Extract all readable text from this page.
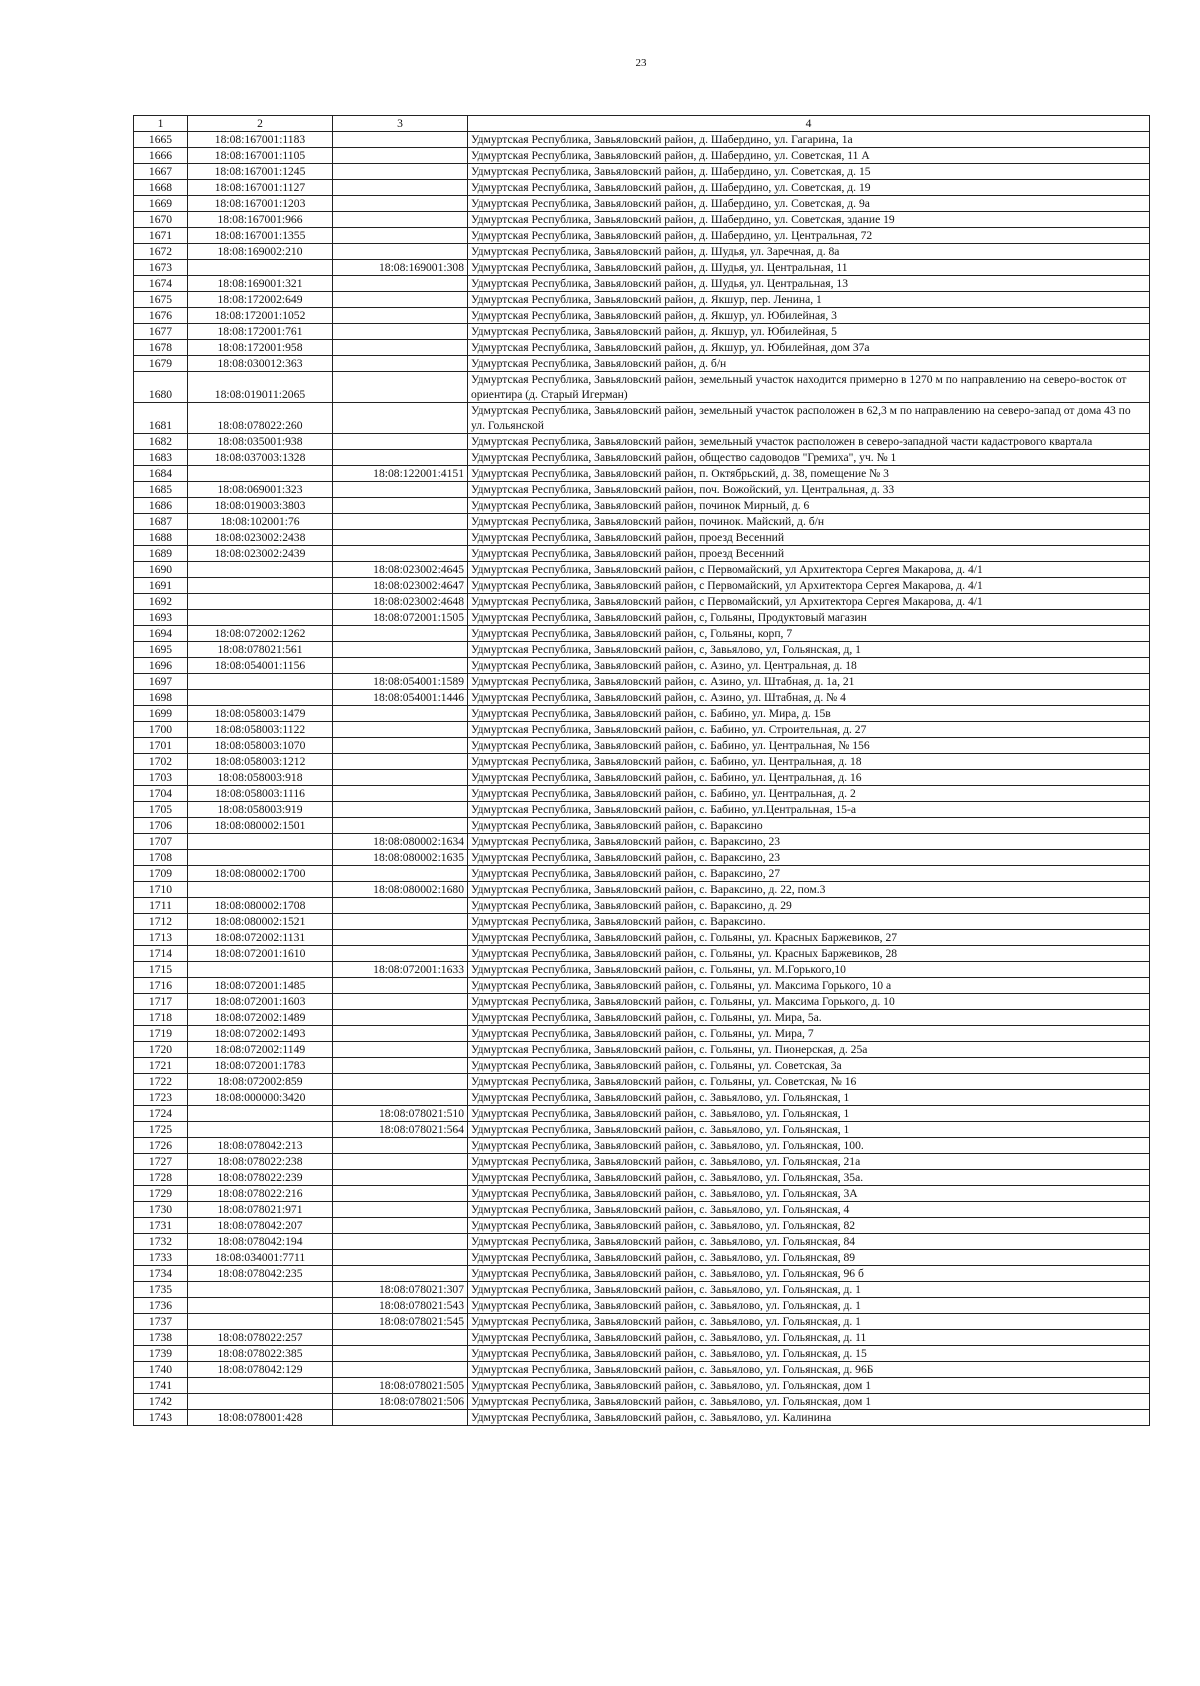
23
1	2	3	4
1665	18:08:167001:1183		Удмуртская Республика, Завьяловский район, д. Шабердино, ул. Гагарина, 1а
1666	18:08:167001:1105		Удмуртская Республика, Завьяловский район, д. Шабердино, ул. Советская, 11 А
1667	18:08:167001:1245		Удмуртская Республика, Завьяловский район, д. Шабердино, ул. Советская, д. 15
1668	18:08:167001:1127		Удмуртская Республика, Завьяловский район, д. Шабердино, ул. Советская, д. 19
1669	18:08:167001:1203		Удмуртская Республика, Завьяловский район, д. Шабердино, ул. Советская, д. 9а
1670	18:08:167001:966		Удмуртская Республика, Завьяловский район, д. Шабердино, ул. Советская, здание 19
1671	18:08:167001:1355		Удмуртская Республика, Завьяловский район, д. Шабердино, ул. Центральная, 72
1672	18:08:169002:210		Удмуртская Республика, Завьяловский район, д. Шудья, ул. Заречная, д. 8а
1673		18:08:169001:308	Удмуртская Республика, Завьяловский район, д. Шудья, ул. Центральная, 11
1674	18:08:169001:321		Удмуртская Республика, Завьяловский район, д. Шудья, ул. Центральная, 13
1675	18:08:172002:649		Удмуртская Республика, Завьяловский район, д. Якшур, пер. Ленина, 1
1676	18:08:172001:1052		Удмуртская Республика, Завьяловский район, д. Якшур, ул. Юбилейная, 3
1677	18:08:172001:761		Удмуртская Республика, Завьяловский район, д. Якшур, ул. Юбилейная, 5
1678	18:08:172001:958		Удмуртская Республика, Завьяловский район, д. Якшур, ул. Юбилейная, дом 37а
1679	18:08:030012:363		Удмуртская Республика, Завьяловский район, д. б/н
1680	18:08:019011:2065		Удмуртская Республика, Завьяловский район, земельный участок находится примерно в 1270 м по направлению на северо-восток от ориентира (д. Старый Игерман)
1681	18:08:078022:260		Удмуртская Республика, Завьяловский район, земельный участок расположен в 62,3 м по направлению на северо-запад от дома 43 по ул. Гольянской
1682	18:08:035001:938		Удмуртская Республика, Завьяловский район, земельный участок расположен в северо-западной части кадастрового квартала
1683	18:08:037003:1328		Удмуртская Республика, Завьяловский район, общество садоводов "Гремиха", уч. № 1
1684		18:08:122001:4151	Удмуртская Республика, Завьяловский район, п. Октябрьский, д. 38, помещение № 3
1685	18:08:069001:323		Удмуртская Республика, Завьяловский район, поч. Вожойский, ул. Центральная, д. 33
1686	18:08:019003:3803		Удмуртская Республика, Завьяловский район, починок Мирный, д. 6
1687	18:08:102001:76		Удмуртская Республика, Завьяловский район, починок. Майский, д. б/н
1688	18:08:023002:2438		Удмуртская Республика, Завьяловский район, проезд Весенний
1689	18:08:023002:2439		Удмуртская Республика, Завьяловский район, проезд Весенний
1690		18:08:023002:4645	Удмуртская Республика, Завьяловский район, с Первомайский, ул Архитектора Сергея Макарова, д. 4/1
1691		18:08:023002:4647	Удмуртская Республика, Завьяловский район, с Первомайский, ул Архитектора Сергея Макарова, д. 4/1
1692		18:08:023002:4648	Удмуртская Республика, Завьяловский район, с Первомайский, ул Архитектора Сергея Макарова, д. 4/1
1693		18:08:072001:1505	Удмуртская Республика, Завьяловский район, с, Гольяны, Продуктовый магазин
1694	18:08:072002:1262		Удмуртская Республика, Завьяловский район, с, Гольяны, корп, 7
1695	18:08:078021:561		Удмуртская Республика, Завьяловский район, с, Завьялово, ул, Гольянская, д, 1
1696	18:08:054001:1156		Удмуртская Республика, Завьяловский район, с. Азино, ул. Центральная, д. 18
1697		18:08:054001:1589	Удмуртская Республика, Завьяловский район, с. Азино, ул. Штабная, д. 1а, 21
1698		18:08:054001:1446	Удмуртская Республика, Завьяловский район, с. Азино, ул. Штабная, д. № 4
1699	18:08:058003:1479		Удмуртская Республика, Завьяловский район, с. Бабино, ул. Мира, д. 15в
1700	18:08:058003:1122		Удмуртская Республика, Завьяловский район, с. Бабино, ул. Строительная, д. 27
1701	18:08:058003:1070		Удмуртская Республика, Завьяловский район, с. Бабино, ул. Центральная, № 156
1702	18:08:058003:1212		Удмуртская Республика, Завьяловский район, с. Бабино, ул. Центральная, д. 18
1703	18:08:058003:918		Удмуртская Республика, Завьяловский район, с. Бабино, ул. Центральная, д. 16
1704	18:08:058003:1116		Удмуртская Республика, Завьяловский район, с. Бабино, ул. Центральная, д. 2
1705	18:08:058003:919		Удмуртская Республика, Завьяловский район, с. Бабино, ул.Центральная, 15-а
1706	18:08:080002:1501		Удмуртская Республика, Завьяловский район, с. Вараксино
1707		18:08:080002:1634	Удмуртская Республика, Завьяловский район, с. Вараксино, 23
1708		18:08:080002:1635	Удмуртская Республика, Завьяловский район, с. Вараксино, 23
1709	18:08:080002:1700		Удмуртская Республика, Завьяловский район, с. Вараксино, 27
1710		18:08:080002:1680	Удмуртская Республика, Завьяловский район, с. Вараксино, д. 22, пом.3
1711	18:08:080002:1708		Удмуртская Республика, Завьяловский район, с. Вараксино, д. 29
1712	18:08:080002:1521		Удмуртская Республика, Завьяловский район, с. Вараксино.
1713	18:08:072002:1131		Удмуртская Республика, Завьяловский район, с. Гольяны, ул. Красных Баржевиков, 27
1714	18:08:072001:1610		Удмуртская Республика, Завьяловский район, с. Гольяны, ул. Красных Баржевиков, 28
1715		18:08:072001:1633	Удмуртская Республика, Завьяловский район, с. Гольяны, ул. М.Горького,10
1716	18:08:072001:1485		Удмуртская Республика, Завьяловский район, с. Гольяны, ул. Максима Горького, 10 а
1717	18:08:072001:1603		Удмуртская Республика, Завьяловский район, с. Гольяны, ул. Максима Горького, д. 10
1718	18:08:072002:1489		Удмуртская Республика, Завьяловский район, с. Гольяны, ул. Мира, 5а.
1719	18:08:072002:1493		Удмуртская Республика, Завьяловский район, с. Гольяны, ул. Мира, 7
1720	18:08:072002:1149		Удмуртская Республика, Завьяловский район, с. Гольяны, ул. Пионерская, д. 25а
1721	18:08:072001:1783		Удмуртская Республика, Завьяловский район, с. Гольяны, ул. Советская, 3а
1722	18:08:072002:859		Удмуртская Республика, Завьяловский район, с. Гольяны, ул. Советская, № 16
1723	18:08:000000:3420		Удмуртская Республика, Завьяловский район, с. Завьялово, ул. Гольянская, 1
1724		18:08:078021:510	Удмуртская Республика, Завьяловский район, с. Завьялово, ул. Гольянская, 1
1725		18:08:078021:564	Удмуртская Республика, Завьяловский район, с. Завьялово, ул. Гольянская, 1
1726	18:08:078042:213		Удмуртская Республика, Завьяловский район, с. Завьялово, ул. Гольянская, 100.
1727	18:08:078022:238		Удмуртская Республика, Завьяловский район, с. Завьялово, ул. Гольянская, 21а
1728	18:08:078022:239		Удмуртская Республика, Завьяловский район, с. Завьялово, ул. Гольянская, 35а.
1729	18:08:078022:216		Удмуртская Республика, Завьяловский район, с. Завьялово, ул. Гольянская, 3А
1730	18:08:078021:971		Удмуртская Республика, Завьяловский район, с. Завьялово, ул. Гольянская, 4
1731	18:08:078042:207		Удмуртская Республика, Завьяловский район, с. Завьялово, ул. Гольянская, 82
1732	18:08:078042:194		Удмуртская Республика, Завьяловский район, с. Завьялово, ул. Гольянская, 84
1733	18:08:034001:7711		Удмуртская Республика, Завьяловский район, с. Завьялово, ул. Гольянская, 89
1734	18:08:078042:235		Удмуртская Республика, Завьяловский район, с. Завьялово, ул. Гольянская, 96 б
1735		18:08:078021:307	Удмуртская Республика, Завьяловский район, с. Завьялово, ул. Гольянская, д. 1
1736		18:08:078021:543	Удмуртская Республика, Завьяловский район, с. Завьялово, ул. Гольянская, д. 1
1737		18:08:078021:545	Удмуртская Республика, Завьяловский район, с. Завьялово, ул. Гольянская, д. 1
1738	18:08:078022:257		Удмуртская Республика, Завьяловский район, с. Завьялово, ул. Гольянская, д. 11
1739	18:08:078022:385		Удмуртская Республика, Завьяловский район, с. Завьялово, ул. Гольянская, д. 15
1740	18:08:078042:129		Удмуртская Республика, Завьяловский район, с. Завьялово, ул. Гольянская, д. 96Б
1741		18:08:078021:505	Удмуртская Республика, Завьяловский район, с. Завьялово, ул. Гольянская, дом 1
1742		18:08:078021:506	Удмуртская Республика, Завьяловский район, с. Завьялово, ул. Гольянская, дом 1
1743	18:08:078001:428		Удмуртская Республика, Завьяловский район, с. Завьялово, ул. Калинина
